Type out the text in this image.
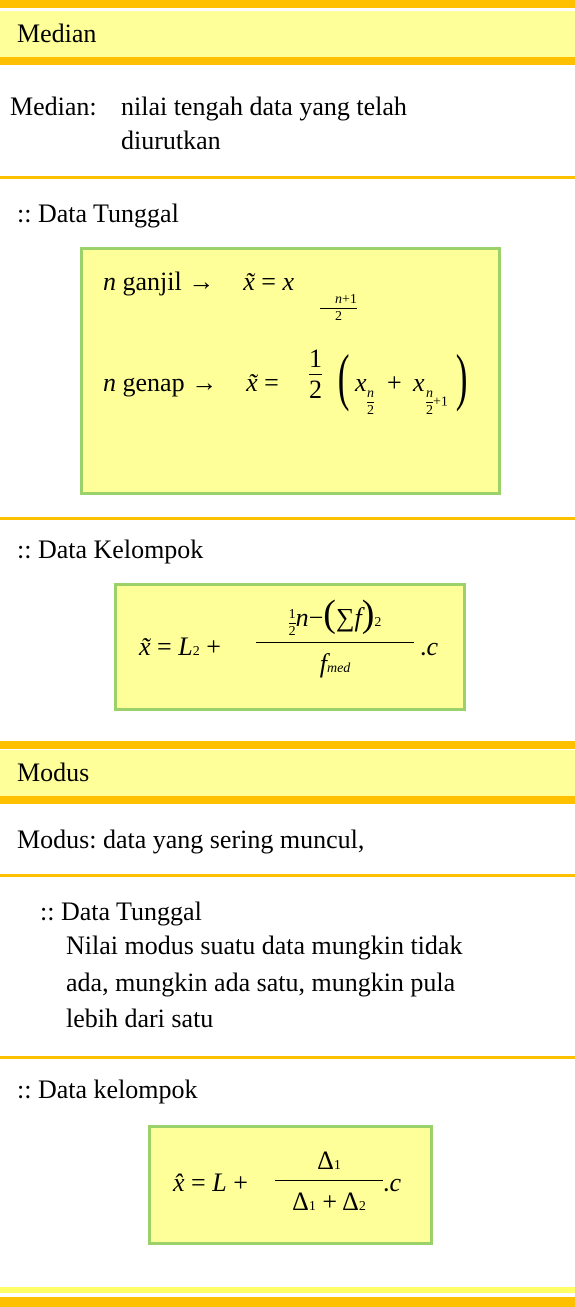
Median
Median: nilai tengah data yang telah
diurutkan
:: Data Tunggal
n ganjil →  x̃ = x
n +1
2
n genap →  x̃ =
1
2 ( x n
2
+ x
$\frac{n}{2} +1$ )
:: Data Kelompok
x̃ = L2 +
$\frac{1}{2} n-(\sum f)2$
fmed
.c
Modus
Modus: data yang sering muncul,
:: Data Tunggal
Nilai modus suatu data mungkin tidak
ada, mungkin ada satu, mungkin pula
lebih dari satu
:: Data kelompok
x̂ = L +
Δ1
Δ1 + Δ2
.c
